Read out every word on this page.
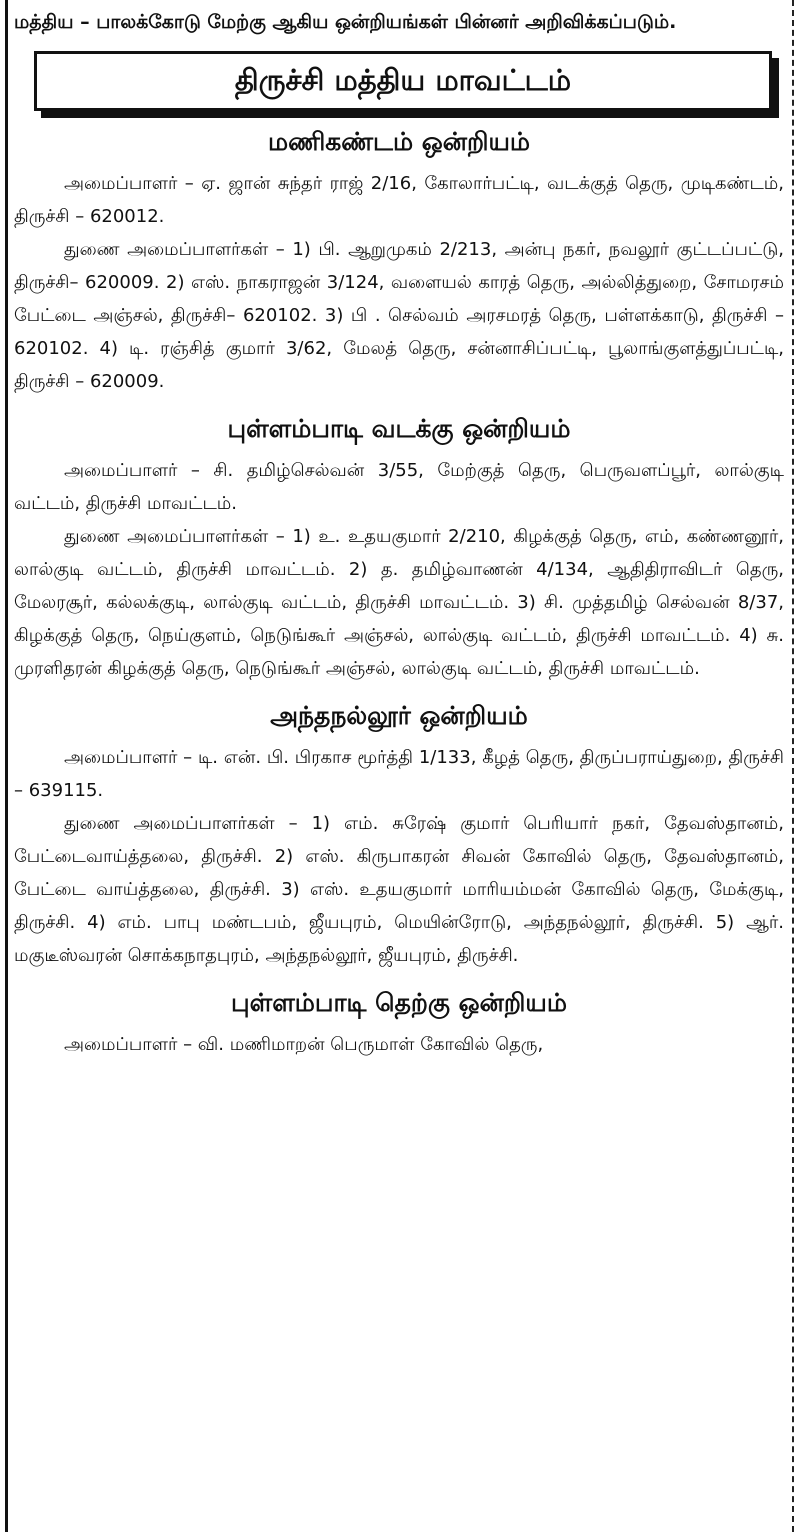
மத்திய – பாலக்கோடு மேற்கு ஆகிய ஒன்றியங்கள் பின்னர் அறிவிக்கப்படும்.

திருச்சி மத்திய மாவட்டம்
மணிகண்டம் ஒன்றியம்

அமைப்பாளர் – ஏ. ஜான் சுந்தர் ராஜ் 2/16, கோலார்பட்டி, வடக்குத் தெரு, முடிகண்டம், திருச்சி – 620012.

துணை அமைப்பாளர்கள் – 1) பி. ஆறுமுகம் 2/213, அன்பு நகர், நவலூர் குட்டப்பட்டு, திருச்சி– 620009. 2) எஸ். நாகராஜன் 3/124, வளையல் காரத் தெரு, அல்லித்துறை, சோமரசம் பேட்டை அஞ்சல், திருச்சி– 620102. 3) பி . செல்வம் அரசமரத் தெரு, பள்ளக்காடு, திருச்சி – 620102. 4) டி. ரஞ்சித் குமார் 3/62, மேலத் தெரு, சன்னாசிப்பட்டி, பூலாங்குளத்துப்பட்டி, திருச்சி – 620009.

புள்ளம்பாடி வடக்கு ஒன்றியம்

அமைப்பாளர் – சி. தமிழ்செல்வன் 3/55, மேற்குத் தெரு, பெருவளப்பூர், லால்குடி வட்டம், திருச்சி மாவட்டம்.

துணை அமைப்பாளர்கள் – 1) உ. உதயகுமார் 2/210, கிழக்குத் தெரு, எம், கண்ணனூர், லால்குடி வட்டம், திருச்சி மாவட்டம். 2) த. தமிழ்வாணன் 4/134, ஆதிதிராவிடர் தெரு, மேலரசூர், கல்லக்குடி, லால்குடி வட்டம், திருச்சி மாவட்டம். 3) சி. முத்தமிழ் செல்வன் 8/37, கிழக்குத் தெரு, நெய்குளம், நெடுங்கூர் அஞ்சல், லால்குடி வட்டம், திருச்சி மாவட்டம். 4) சு. முரளிதரன் கிழக்குத் தெரு, நெடுங்கூர் அஞ்சல், லால்குடி வட்டம், திருச்சி மாவட்டம்.

அந்தநல்லூர் ஒன்றியம்

அமைப்பாளர் – டி. என். பி. பிரகாச மூர்த்தி 1/133, கீழத் தெரு, திருப்பராய்துறை, திருச்சி – 639115.

துணை அமைப்பாளர்கள் – 1) எம். சுரேஷ் குமார் பெரியார் நகர், தேவஸ்தானம், பேட்டைவாய்த்தலை, திருச்சி. 2) எஸ். கிருபாகரன் சிவன் கோவில் தெரு, தேவஸ்தானம், பேட்டை வாய்த்தலை, திருச்சி. 3) எஸ். உதயகுமார் மாரியம்மன் கோவில் தெரு, மேக்குடி, திருச்சி. 4) எம். பாபு மண்டபம், ஜீயபுரம், மெயின்ரோடு, அந்தநல்லூர், திருச்சி. 5) ஆர். மகுடீஸ்வரன் சொக்கநாதபுரம், அந்தநல்லூர், ஜீயபுரம், திருச்சி.

புள்ளம்பாடி தெற்கு ஒன்றியம்

அமைப்பாளர் – வி. மணிமாறன் பெருமாள் கோவில் தெரு,
